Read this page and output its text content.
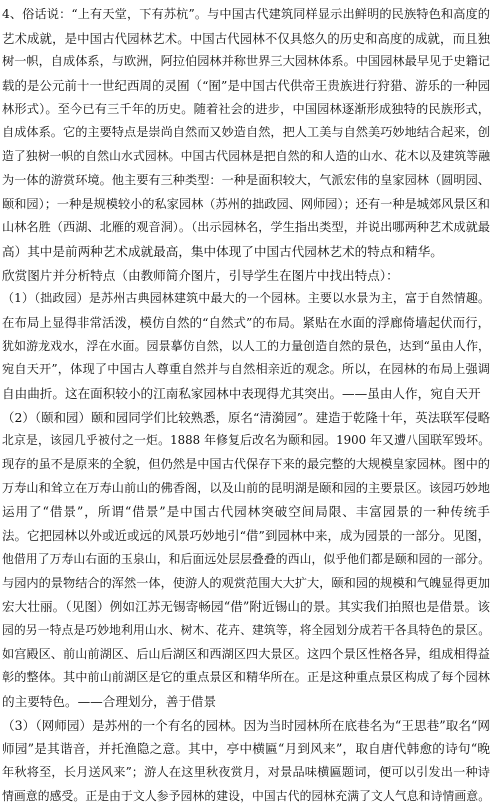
4、俗话说：“上有天堂，下有苏杭”。与中国古代建筑同样显示出鲜明的民族特色和高度的
艺术成就，是中国古代园林艺术。中国古代园林不仅具悠久的历史和高度的成就，而且独
树一帜，自成体系，与欧洲，阿拉伯园林并称世界三大园林体系。中国园林最早见于史籍记
载的是公元前十一世纪西周的灵囿（“囿”是中国古代供帝王贵族进行狩猎、游乐的一种园
林形式）。至今已有三千年的历史。随着社会的进步，中国园林逐渐形成独特的民族形式，
自成体系。它的主要特点是崇尚自然而又妙造自然，把人工美与自然美巧妙地结合起来，创
造了独树一帜的自然山水式园林。中国古代园林是把自然的和人造的山水、花木以及建筑等融
为一体的游赏环境。他主要有三种类型：一种是面积较大，气派宏伟的皇家园林（圆明园、
颐和园）；一种是规模较小的私家园林（苏州的拙政园、网师园）；还有一种是城郊风景区和
山林名胜（西湖、北雁的观音洞）。（出示园林名，学生指出类型，并说出哪两种艺术成就最
高）其中是前两种艺术成就最高，集中体现了中国古代园林艺术的特点和精华。
欣赏图片并分析特点（由教师简介图片，引导学生在图片中找出特点）：
（1）（拙政园）是苏州古典园林建筑中最大的一个园林。主要以水景为主，富于自然情趣。
在布局上显得非常活泼，模仿自然的“自然式”的布局。紧贴在水面的浮廊倚墙起伏而行，
犹如游龙戏水，浮在水面。园景摹仿自然，以人工的力量创造自然的景色，达到“虽由人作，
宛自天开”，体现了中国古人尊重自然并与自然相亲近的观念。所以，在园林的布局上强调
自由曲折。这在面积较小的江南私家园林中表现得尤其突出。——虽由人作，宛自天开
（2）（颐和园）颐和园同学们比较熟悉，原名“清漪园”。建造于乾隆十年，英法联军侵略
北京是，该园几乎被付之一炬。1888 年修复后改名为颐和园。1900 年又遭八国联军毁坏。
现存的虽不是原来的全貌，但仍然是中国古代保存下来的最完整的大规模皇家园林。图中的
万寿山和耸立在万寿山前山的佛香阁，以及山前的昆明湖是颐和园的主要景区。该园巧妙地
运用了“借景”，所谓“借景”是中国古代园林突破空间局限、丰富园景的一种传统手
法。它把园林以外或近或远的风景巧妙地引“借”到园林中来，成为园景的一部分。见图，
他借用了万寿山右面的玉泉山，和后面远处层层叠叠的西山，似乎他们都是颐和园的一部分。
与园内的景物结合的浑然一体，使游人的观赏范围大大扩大，颐和园的规模和气魄显得更加
宏大壮丽。（见图）例如江苏无锡寄畅园“借”附近锡山的景。其实我们拍照也是借景。该
园的另一特点是巧妙地利用山水、树木、花卉、建筑等，将全园划分成若干各具特色的景区。
如宫殿区、前山前湖区、后山后湖区和西湖区四大景区。这四个景区性格各异，组成相得益
彰的整体。其中前山前湖区是它的重点景区和精华所在。正是这种重点景区构成了每个园林
的主要特色。——合理划分，善于借景
（3）（网师园）是苏州的一个有名的园林。因为当时园林所在底巷名为“王思巷”取名“网
师园”是其谐音，并托渔隐之意。其中，亭中横匾“月到风来”，取自唐代韩愈的诗句“晚
年秋将至，长月送风来”；游人在这里秋夜赏月，对景品味横匾题词，便可以引发出一种诗
情画意的感受。正是由于文人参予园林的建设，中国古代的园林充满了文人气息和诗情画意。
